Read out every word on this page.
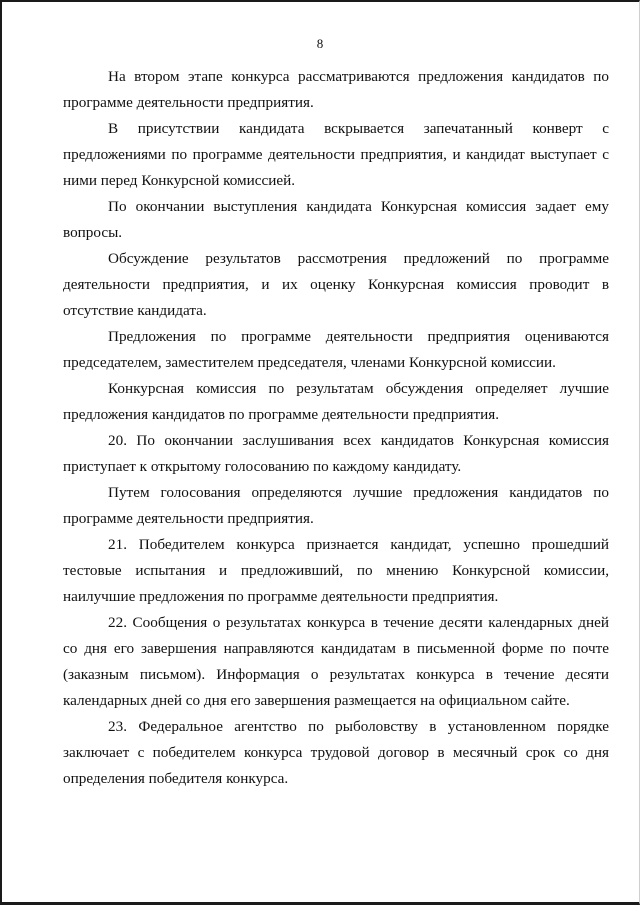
8

На втором этапе конкурса рассматриваются предложения кандидатов по программе деятельности предприятия.

В присутствии кандидата вскрывается запечатанный конверт с предложениями по программе деятельности предприятия, и кандидат выступает с ними перед Конкурсной комиссией.

По окончании выступления кандидата Конкурсная комиссия задает ему вопросы.

Обсуждение результатов рассмотрения предложений по программе деятельности предприятия, и их оценку Конкурсная комиссия проводит в отсутствие кандидата.

Предложения по программе деятельности предприятия оцениваются председателем, заместителем председателя, членами Конкурсной комиссии.

Конкурсная комиссия по результатам обсуждения определяет лучшие предложения кандидатов по программе деятельности предприятия.

20. По окончании заслушивания всех кандидатов Конкурсная комиссия приступает к открытому голосованию по каждому кандидату.

Путем голосования определяются лучшие предложения кандидатов по программе деятельности предприятия.

21. Победителем конкурса признается кандидат, успешно прошедший тестовые испытания и предложивший, по мнению Конкурсной комиссии, наилучшие предложения по программе деятельности предприятия.

22. Сообщения о результатах конкурса в течение десяти календарных дней со дня его завершения направляются кандидатам в письменной форме по почте (заказным письмом). Информация о результатах конкурса в течение десяти календарных дней со дня его завершения размещается на официальном сайте.

23. Федеральное агентство по рыболовству в установленном порядке заключает с победителем конкурса трудовой договор в месячный срок со дня определения победителя конкурса.
